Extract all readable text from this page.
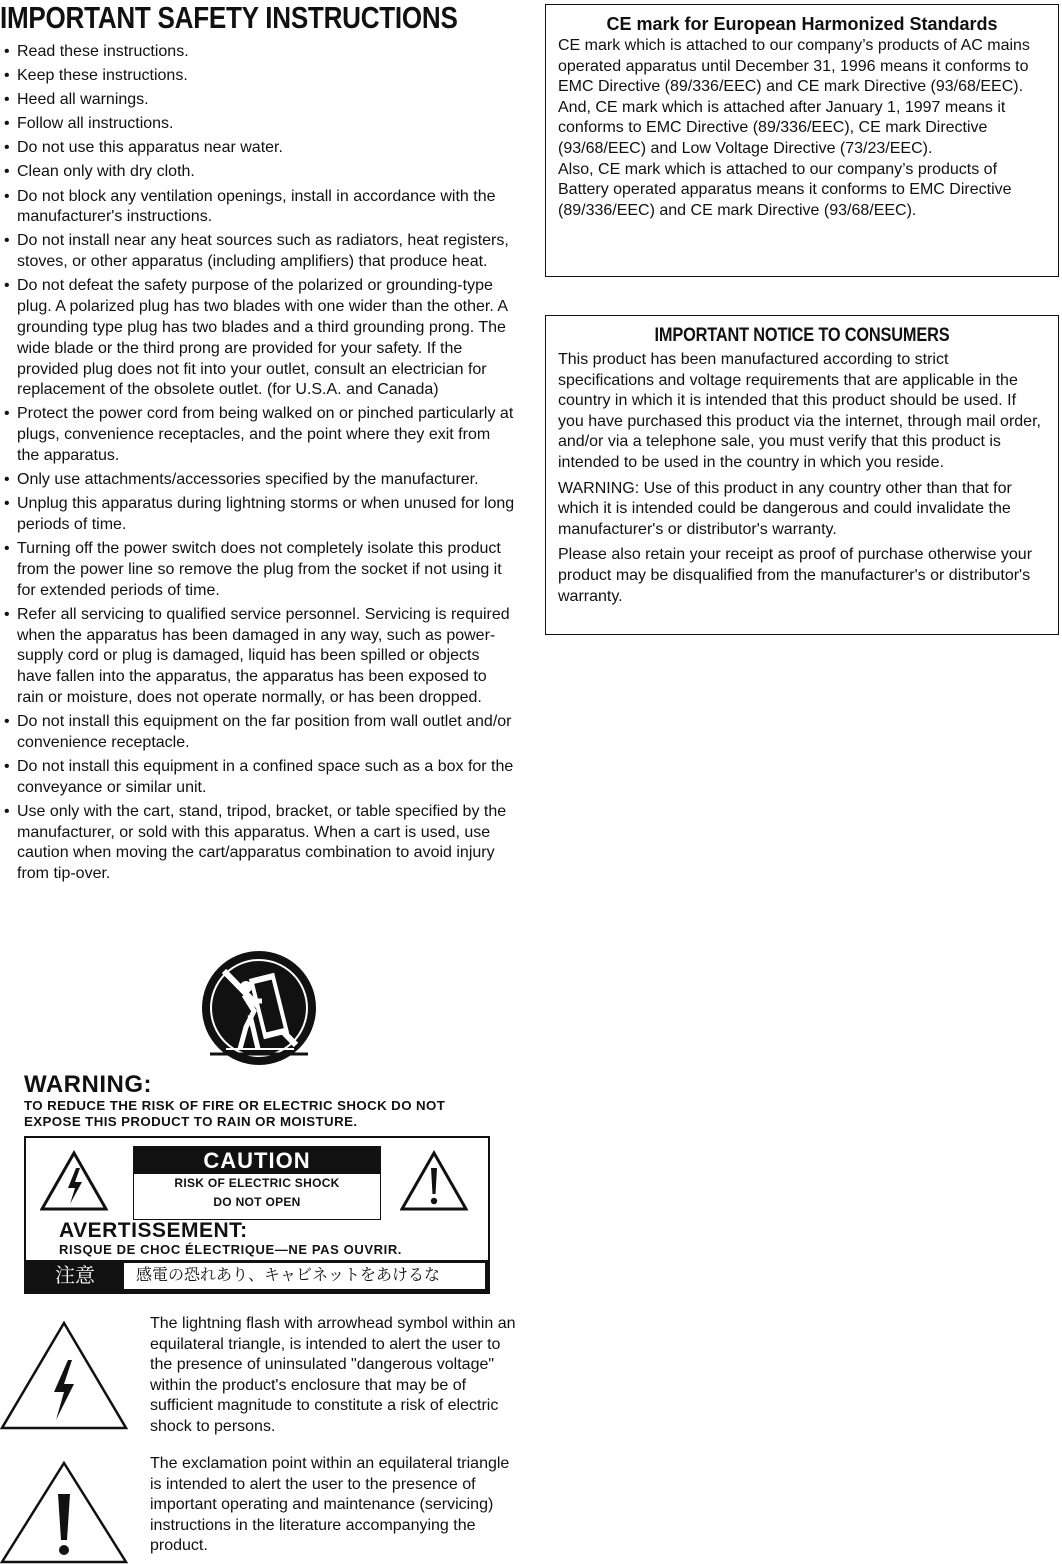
IMPORTANT SAFETY INSTRUCTIONS
• Read these instructions.
• Keep these instructions.
• Heed all warnings.
• Follow all instructions.
• Do not use this apparatus near water.
• Clean only with dry cloth.
• Do not block any ventilation openings, install in accordance with the manufacturer's instructions.
• Do not install near any heat sources such as radiators, heat registers, stoves, or other apparatus (including amplifiers) that produce heat.
• Do not defeat the safety purpose of the polarized or grounding-type plug. A polarized plug has two blades with one wider than the other. A grounding type plug has two blades and a third grounding prong. The wide blade or the third prong are provided for your safety. If the provided plug does not fit into your outlet, consult an electrician for replacement of the obsolete outlet. (for U.S.A. and Canada)
• Protect the power cord from being walked on or pinched particularly at plugs, convenience receptacles, and the point where they exit from the apparatus.
• Only use attachments/accessories specified by the manufacturer.
• Unplug this apparatus during lightning storms or when unused for long periods of time.
• Turning off the power switch does not completely isolate this product from the power line so remove the plug from the socket if not using it for extended periods of time.
• Refer all servicing to qualified service personnel. Servicing is required when the apparatus has been damaged in any way, such as power-supply cord or plug is damaged, liquid has been spilled or objects have fallen into the apparatus, the apparatus has been exposed to rain or moisture, does not operate normally, or has been dropped.
• Do not install this equipment on the far position from wall outlet and/or convenience receptacle.
• Do not install this equipment in a confined space such as a box for the conveyance or similar unit.
• Use only with the cart, stand, tripod, bracket, or table specified by the manufacturer, or sold with this apparatus. When a cart is used, use caution when moving the cart/apparatus combination to avoid injury from tip-over.
WARNING:
TO REDUCE THE RISK OF FIRE OR ELECTRIC SHOCK DO NOT
EXPOSE THIS PRODUCT TO RAIN OR MOISTURE.
CAUTION
RISK OF ELECTRIC SHOCK
DO NOT OPEN
AVERTISSEMENT:
RISQUE DE CHOC ÉLECTRIQUE—NE PAS OUVRIR.
注意	感電の恐れあり、キャビネットをあけるな
The lightning flash with arrowhead symbol within an equilateral triangle, is intended to alert the user to the presence of uninsulated "dangerous voltage" within the product's enclosure that may be of sufficient magnitude to constitute a risk of electric shock to persons.
The exclamation point within an equilateral triangle is intended to alert the user to the presence of important operating and maintenance (servicing) instructions in the literature accompanying the product.
CE mark for European Harmonized Standards

CE mark which is attached to our company’s products of AC mains operated apparatus until December 31, 1996 means it conforms to EMC Directive (89/336/EEC) and CE mark Directive (93/68/EEC).

And, CE mark which is attached after January 1, 1997 means it conforms to EMC Directive (89/336/EEC), CE mark Directive (93/68/EEC) and Low Voltage Directive (73/23/EEC).

Also, CE mark which is attached to our company’s products of Battery operated apparatus means it conforms to EMC Directive (89/336/EEC) and CE mark Directive (93/68/EEC).

IMPORTANT NOTICE TO CONSUMERS

This product has been manufactured according to strict specifications and voltage requirements that are applicable in the country in which it is intended that this product should be used. If you have purchased this product via the internet, through mail order, and/or via a telephone sale, you must verify that this product is intended to be used in the country in which you reside.

WARNING: Use of this product in any country other than that for which it is intended could be dangerous and could invalidate the manufacturer's or distributor's warranty.

Please also retain your receipt as proof of purchase otherwise your product may be disqualified from the manufacturer's or distributor's warranty.
